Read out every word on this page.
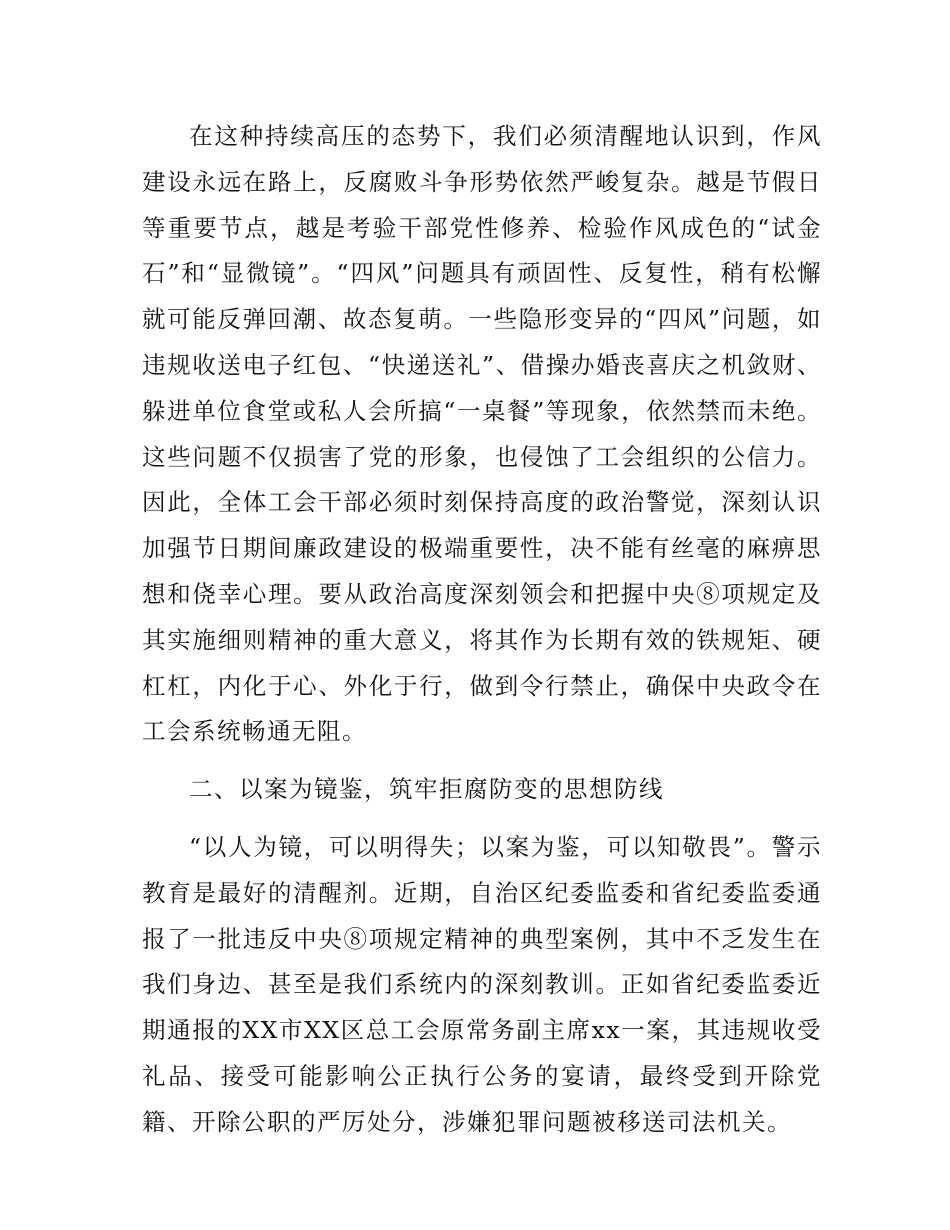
在这种持续高压的态势下，我们必须清醒地认识到，作风建设永远在路上，反腐败斗争形势依然严峻复杂。越是节假日等重要节点，越是考验干部党性修养、检验作风成色的“试金石”和“显微镜”。“四风”问题具有顽固性、反复性，稍有松懈就可能反弹回潮、故态复萌。一些隐形变异的“四风”问题，如违规收送电子红包、“快递送礼”、借操办婚丧喜庆之机敛财、躲进单位食堂或私人会所搞“一桌餐”等现象，依然禁而未绝。这些问题不仅损害了党的形象，也侵蚀了工会组织的公信力。因此，全体工会干部必须时刻保持高度的政治警觉，深刻认识加强节日期间廉政建设的极端重要性，决不能有丝毫的麻痹思想和侥幸心理。要从政治高度深刻领会和把握中央⑧项规定及其实施细则精神的重大意义，将其作为长期有效的铁规矩、硬杠杠，内化于心、外化于行，做到令行禁止，确保中央政令在工会系统畅通无阻。

二、以案为镜鉴，筑牢拒腐防变的思想防线

“以人为镜，可以明得失；以案为鉴，可以知敬畏”。警示教育是最好的清醒剂。近期，自治区纪委监委和省纪委监委通报了一批违反中央⑧项规定精神的典型案例，其中不乏发生在我们身边、甚至是我们系统内的深刻教训。正如省纪委监委近期通报的XX市XX区总工会原常务副主席xx一案，其违规收受礼品、接受可能影响公正执行公务的宴请，最终受到开除党籍、开除公职的严厉处分，涉嫌犯罪问题被移送司法机关。
